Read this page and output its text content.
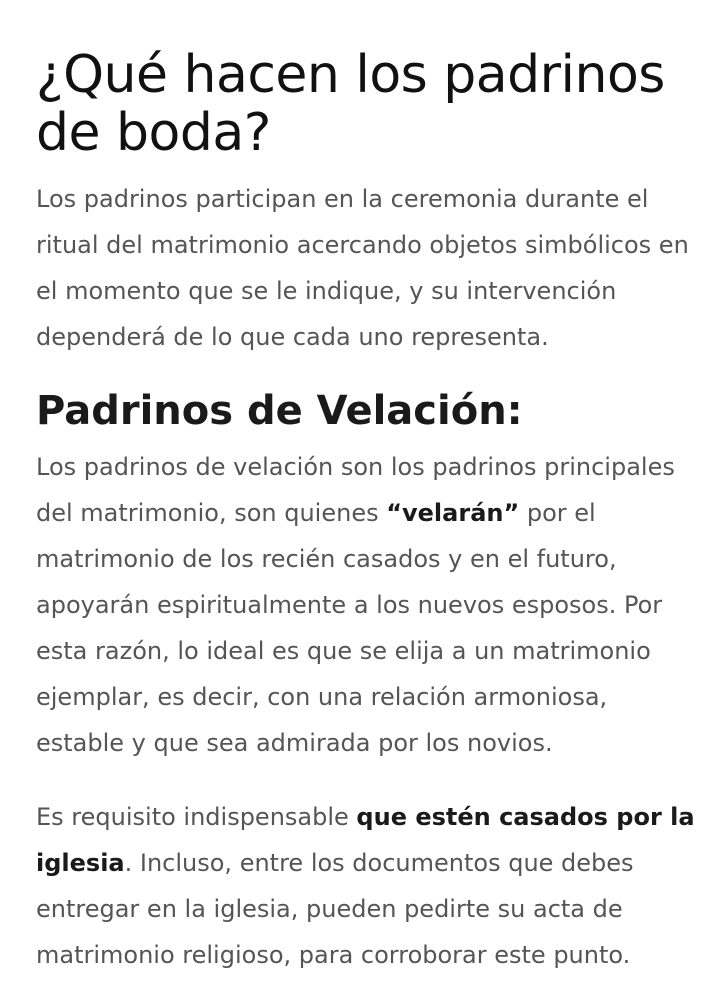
¿Qué hacen los padrinos de boda?

Los padrinos participan en la ceremonia durante el ritual del matrimonio acercando objetos simbólicos en el momento que se le indique, y su intervención dependerá de lo que cada uno representa.

Padrinos de Velación:

Los padrinos de velación son los padrinos principales del matrimonio, son quienes “velarán” por el matrimonio de los recién casados y en el futuro, apoyarán espiritualmente a los nuevos esposos. Por esta razón, lo ideal es que se elija a un matrimonio ejemplar, es decir, con una relación armoniosa, estable y que sea admirada por los novios.

Es requisito indispensable que estén casados por la iglesia. Incluso, entre los documentos que debes entregar en la iglesia, pueden pedirte su acta de matrimonio religioso, para corroborar este punto.
